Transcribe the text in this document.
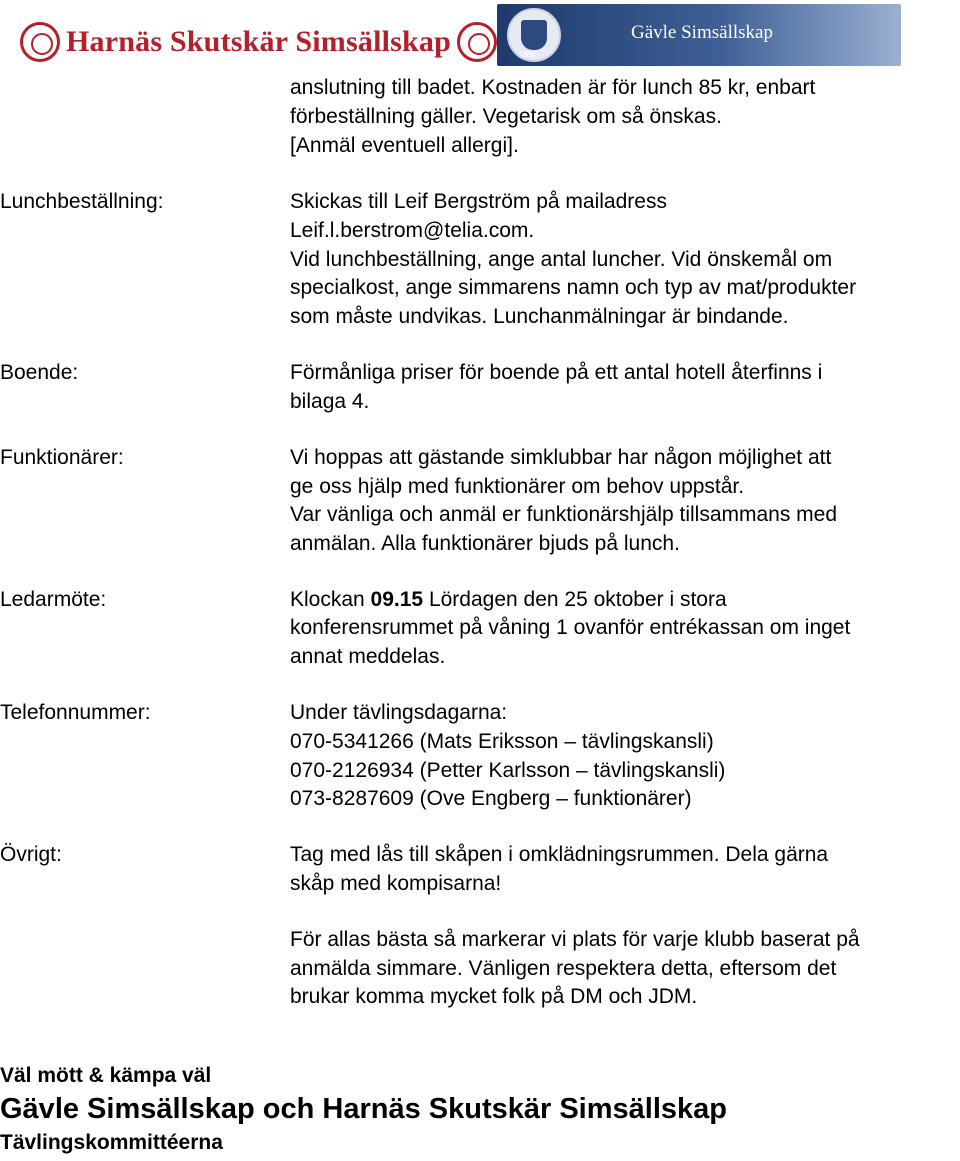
Harnäs Skutskär Simsällskap	1888
Gävle Simsällskap
anslutning till badet. Kostnaden är för lunch 85 kr, enbart
förbeställning gäller. Vegetarisk om så önskas.
[Anmäl eventuell allergi].
Lunchbeställning:	Skickas till Leif Bergström på mailadress
Leif.l.berstrom@telia.com.
Vid lunchbeställning, ange antal luncher. Vid önskemål om
specialkost, ange simmarens namn och typ av mat/produkter
som måste undvikas. Lunchanmälningar är bindande.
Boende:	Förmånliga priser för boende på ett antal hotell återfinns i
bilaga 4.
Funktionärer:	Vi hoppas att gästande simklubbar har någon möjlighet att
ge oss hjälp med funktionärer om behov uppstår.
Var vänliga och anmäl er funktionärshjälp tillsammans med
anmälan. Alla funktionärer bjuds på lunch.
Ledarmöte:	Klockan 09.15 Lördagen den 25 oktober i stora
konferensrummet på våning 1 ovanför entrékassan om inget
annat meddelas.
Telefonnummer:	Under tävlingsdagarna:
070-5341266 (Mats Eriksson – tävlingskansli)
070-2126934 (Petter Karlsson – tävlingskansli)
073-8287609 (Ove Engberg – funktionärer)
Övrigt:	Tag med lås till skåpen i omklädningsrummen. Dela gärna
skåp med kompisarna!
För allas bästa så markerar vi plats för varje klubb baserat på
anmälda simmare. Vänligen respektera detta, eftersom det
brukar komma mycket folk på DM och JDM.
Väl mött & kämpa väl
Gävle Simsällskap och Harnäs Skutskär Simsällskap
Tävlingskommittéerna
